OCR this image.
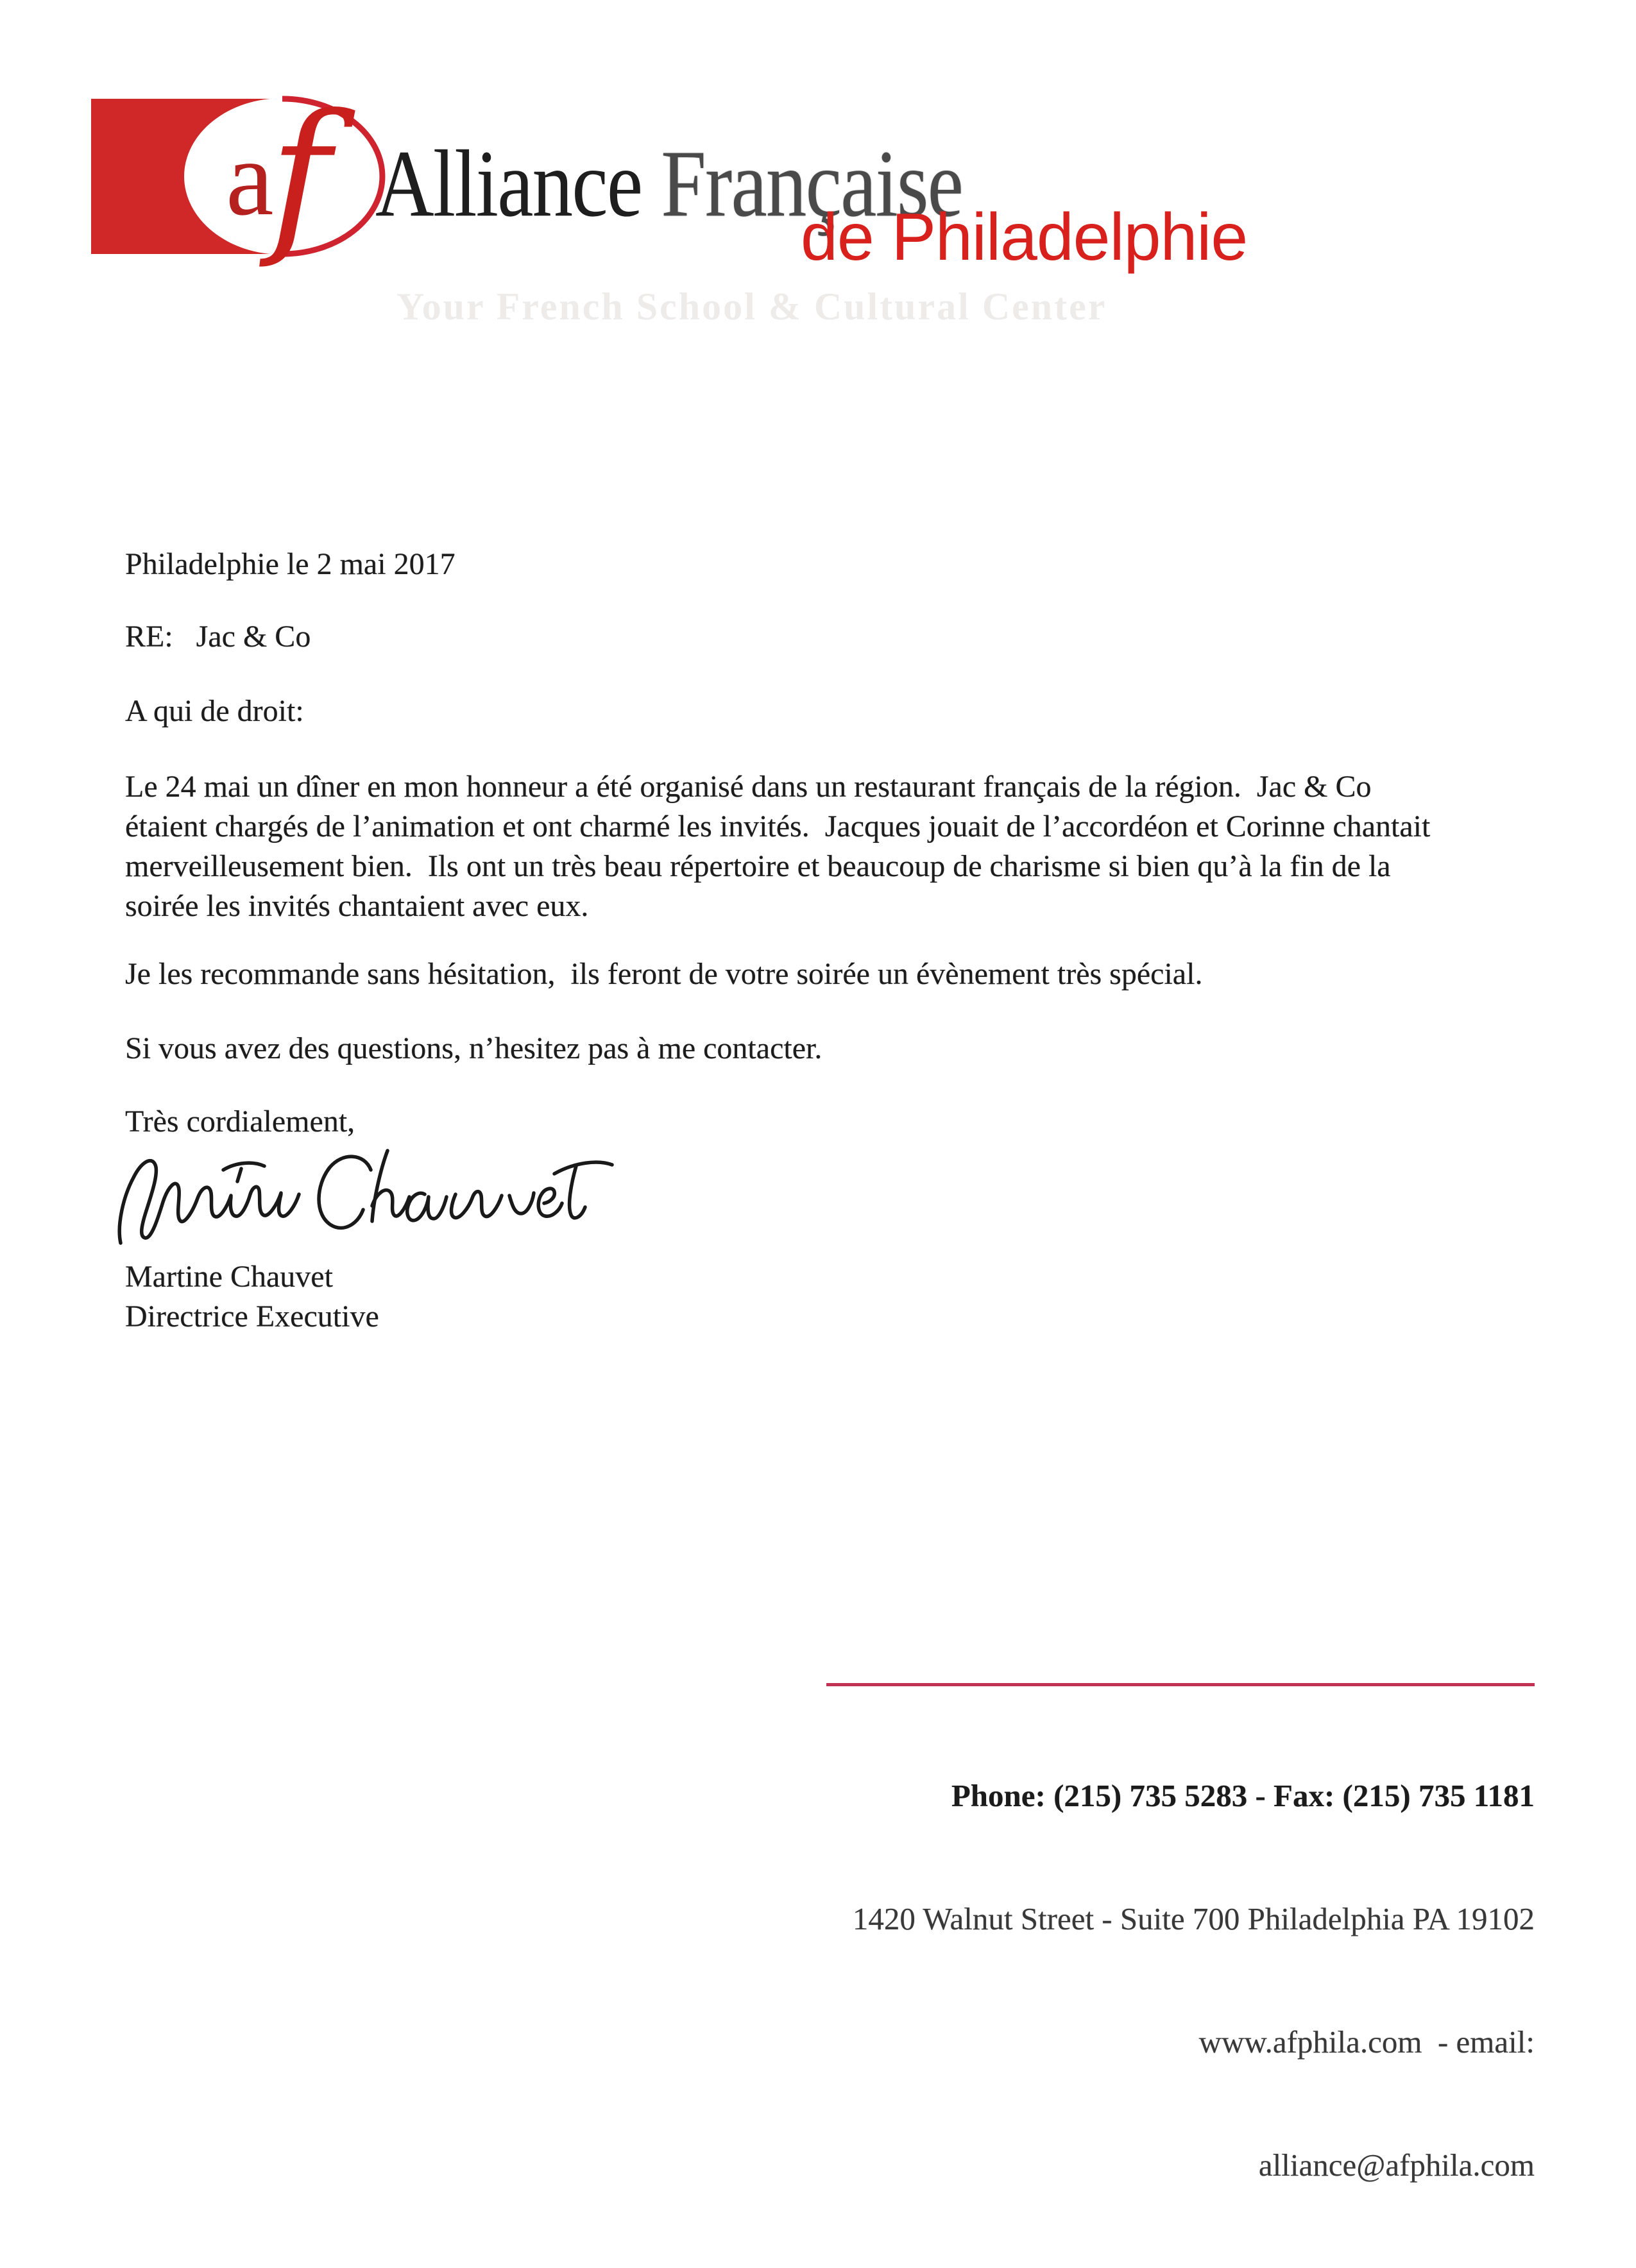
a
f Alliance Française
de Philadelphie
Your French School & Cultural Center
Philadelphie le 2 mai 2017
RE:   Jac & Co
A qui de droit:
Le 24 mai un dîner en mon honneur a été organisé dans un restaurant français de la région.  Jac & Co
étaient chargés de l’animation et ont charmé les invités.  Jacques jouait de l’accordéon et Corinne chantait
merveilleusement bien.  Ils ont un très beau répertoire et beaucoup de charisme si bien qu’à la fin de la
soirée les invités chantaient avec eux.
Je les recommande sans hésitation,  ils feront de votre soirée un évènement très spécial.
Si vous avez des questions, n’hesitez pas à me contacter.
Très cordialement,
Martine Chauvet
Directrice Executive

Phone: (215) 735 5283 - Fax: (215) 735 1181

1420 Walnut Street - Suite 700 Philadelphia PA 19102

www.afphila.com  - email:

alliance@afphila.com
